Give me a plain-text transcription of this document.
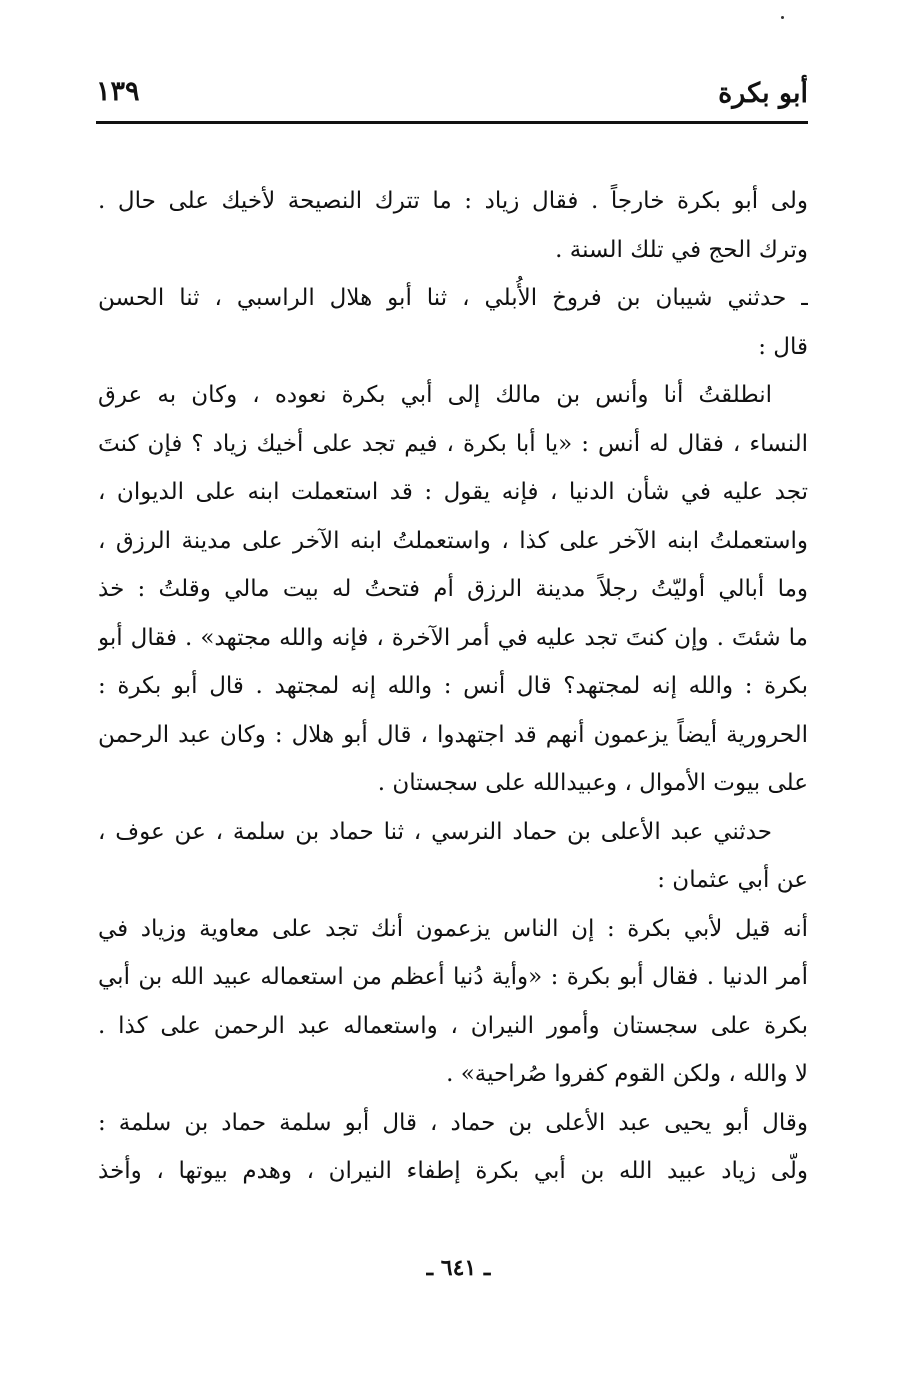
أبو بكرة
١٣٩
ولى أبو بكرة خارجاً . فقال زياد : ما تترك النصيحة لأخيك على حال .
وترك الحج في تلك السنة .
ـ حدثني شيبان بن فروخ الأُبلي ، ثنا أبو هلال الراسبي ، ثنا الحسن
قال :
انطلقتُ أنا وأنس بن مالك إلى أبي بكرة نعوده ، وكان به عرق
النساء ، فقال له أنس : «يا أبا بكرة ، فيم تجد على أخيك زياد ؟ فإن كنتَ
تجد عليه في شأن الدنيا ، فإنه يقول : قد استعملت ابنه على الديوان ،
واستعملتُ ابنه الآخر على كذا ، واستعملتُ ابنه الآخر على مدينة الرزق ،
وما أبالي أوليّتُ رجلاً مدينة الرزق أم فتحتُ له بيت مالي وقلتُ : خذ
ما شئتَ . وإن كنتَ تجد عليه في أمر الآخرة ، فإنه والله مجتهد» . فقال أبو
بكرة : والله إنه لمجتهد؟ قال أنس : والله إنه لمجتهد . قال أبو بكرة :
الحرورية أيضاً يزعمون أنهم قد اجتهدوا ، قال أبو هلال : وكان عبد الرحمن
على بيوت الأموال ، وعبيدالله على سجستان .
حدثني عبد الأعلى بن حماد النرسي ، ثنا حماد بن سلمة ، عن عوف ،
عن أبي عثمان :
أنه قيل لأبي بكرة : إن الناس يزعمون أنك تجد على معاوية وزياد في
أمر الدنيا . فقال أبو بكرة : «وأية دُنيا أعظم من استعماله عبيد الله بن أبي
بكرة على سجستان وأمور النيران ، واستعماله عبد الرحمن على كذا .
لا والله ، ولكن القوم كفروا صُراحية» .
وقال أبو يحيى عبد الأعلى بن حماد ، قال أبو سلمة حماد بن سلمة :
ولّى زياد عبيد الله بن أبي بكرة إطفاء النيران ، وهدم بيوتها ، وأخذ
ـ ٦٤١ ـ
